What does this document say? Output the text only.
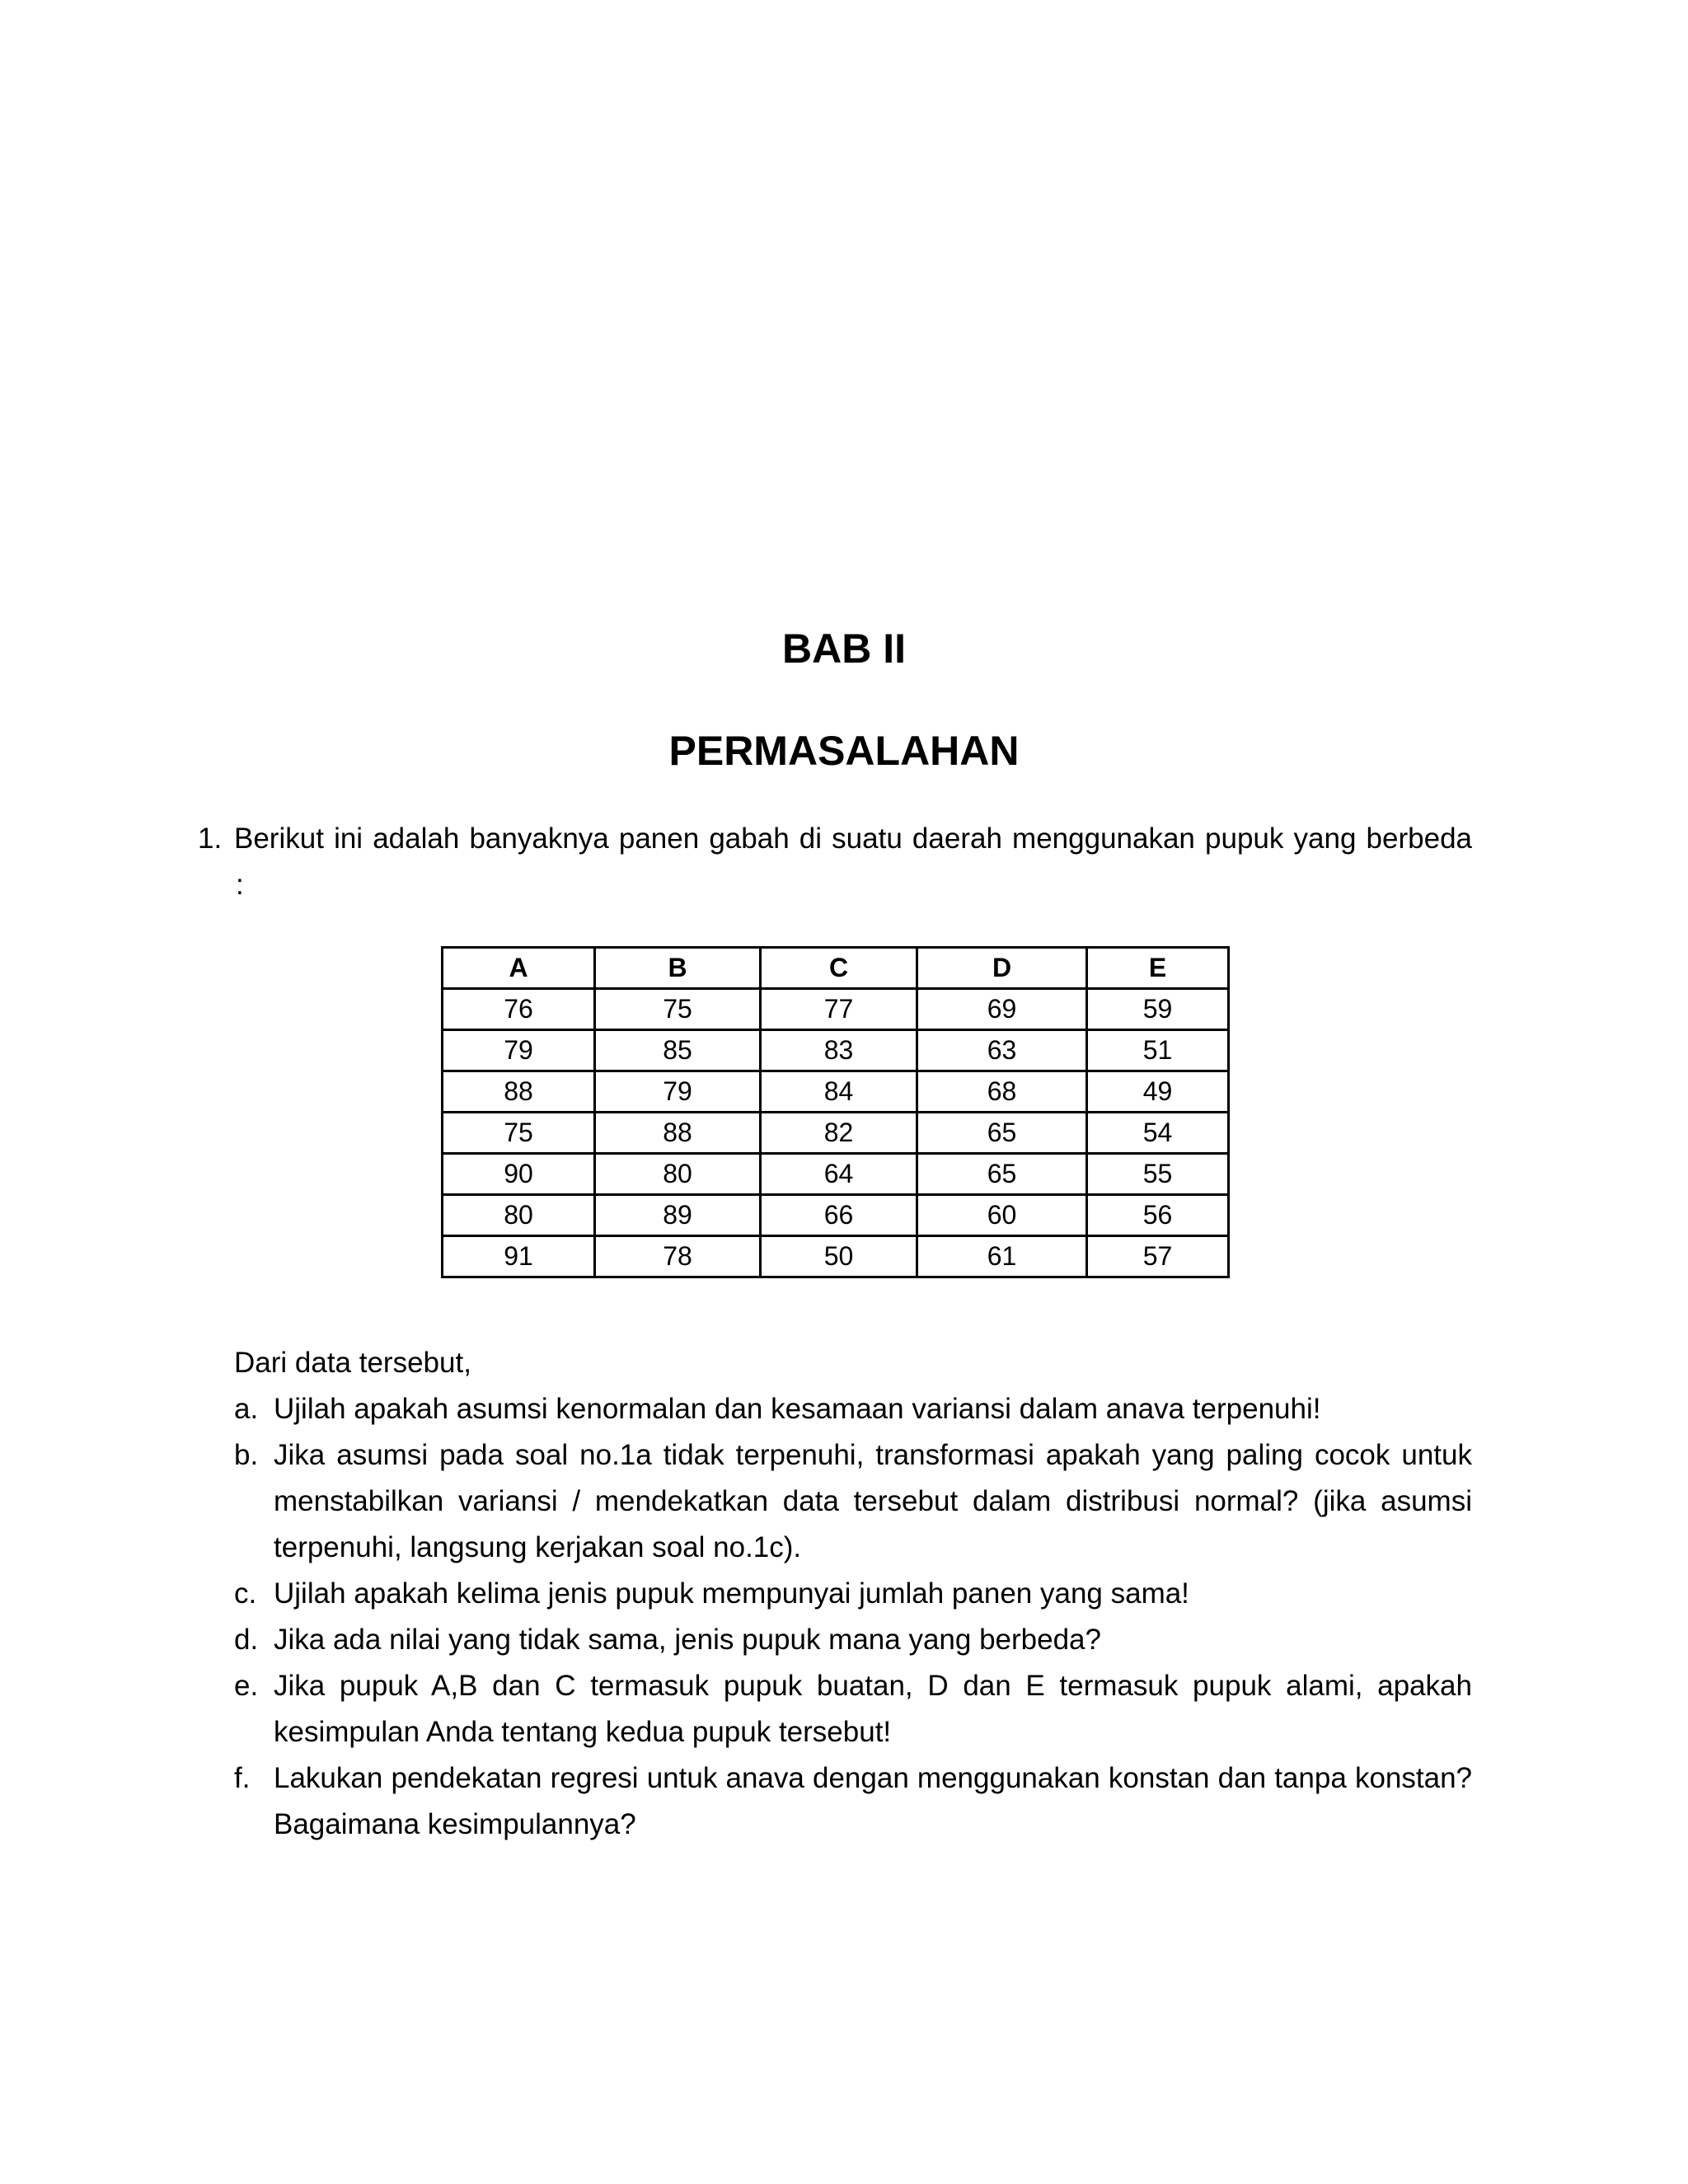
BAB II
PERMASALAHAN
1. Berikut ini adalah banyaknya panen gabah di suatu daerah menggunakan pupuk yang berbeda
:
A	B	C	D	E
76	75	77	69	59
79	85	83	63	51
88	79	84	68	49
75	88	82	65	54
90	80	64	65	55
80	89	66	60	56
91	78	50	61	57
Dari data tersebut,
a. Ujilah apakah asumsi kenormalan dan kesamaan variansi dalam anava terpenuhi!
b. Jika asumsi pada soal no.1a tidak terpenuhi, transformasi apakah yang paling cocok untuk menstabilkan variansi / mendekatkan data tersebut dalam distribusi normal? (jika asumsi terpenuhi, langsung kerjakan soal no.1c).
c. Ujilah apakah kelima jenis pupuk mempunyai jumlah panen yang sama!
d. Jika ada nilai yang tidak sama, jenis pupuk mana yang berbeda?
e. Jika pupuk A,B dan C termasuk pupuk buatan, D dan E termasuk pupuk alami, apakah kesimpulan Anda tentang kedua pupuk tersebut!
f. Lakukan pendekatan regresi untuk anava dengan menggunakan konstan dan tanpa konstan? Bagaimana kesimpulannya?
